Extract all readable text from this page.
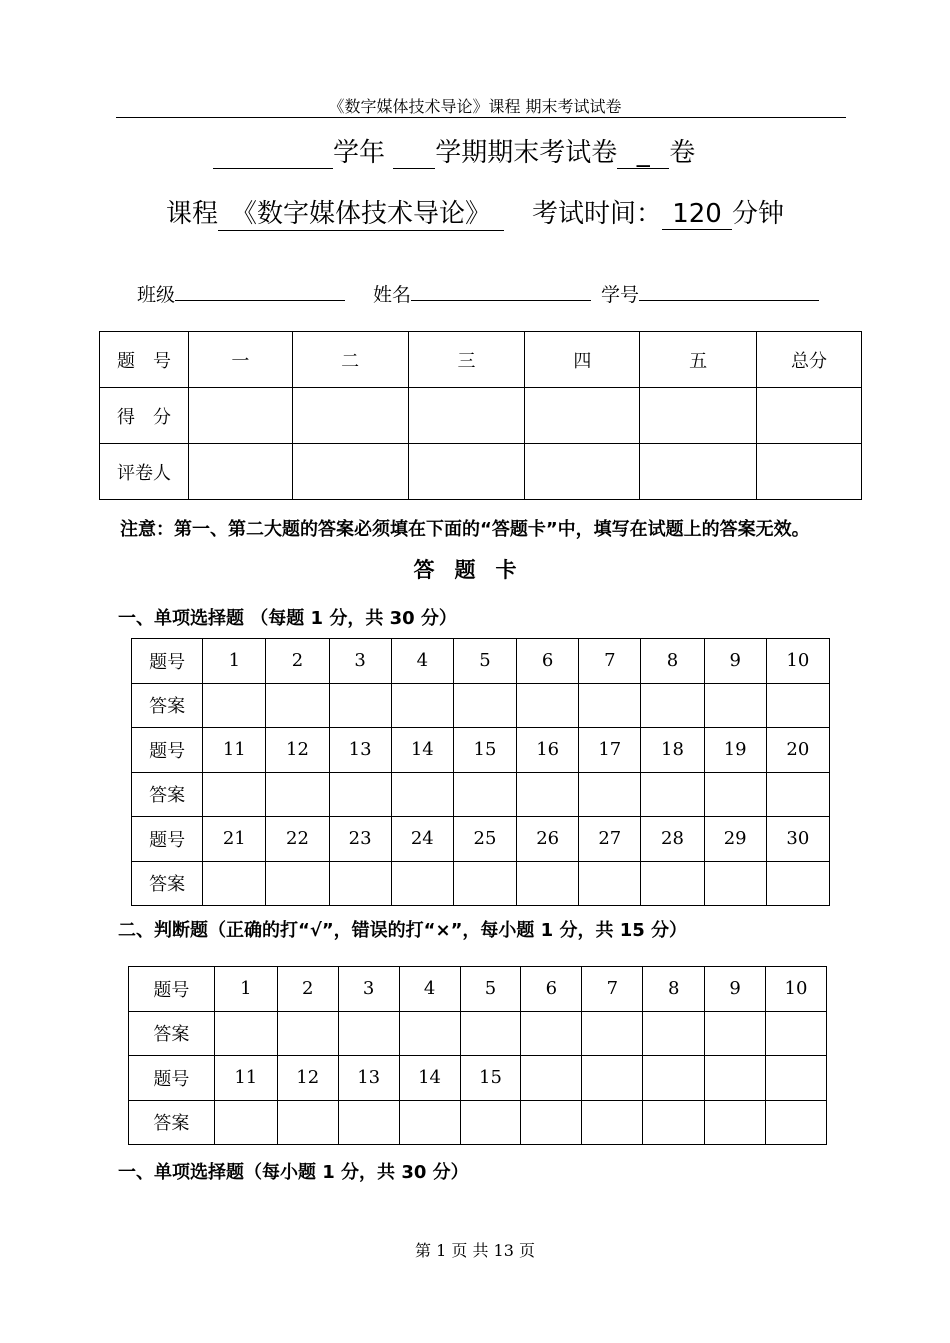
《数字媒体技术导论》课程 期末考试试卷
学年 学期期末考试卷 _ 卷
课程 《数字媒体技术导论》 考试时间： 120 分钟
班级	姓名	学号
题　号	一	二	三	四	五	总分
得　分						
评卷人						
注意：第一、第二大题的答案必须填在下面的“答题卡”中，填写在试题上的答案无效。
答题卡
一、单项选择题 （每题 1 分，共 30 分）
题号	1	2	3	4	5	6	7	8	9	10
答案										
题号	11	12	13	14	15	16	17	18	19	20
答案										
题号	21	22	23	24	25	26	27	28	29	30
答案										
二、判断题（正确的打“√”，错误的打“×”，每小题 1 分，共 15 分）
题号	1	2	3	4	5	6	7	8	9	10
答案										
题号	11	12	13	14	15					
答案										
一、单项选择题（每小题 1 分，共 30 分）
第 1 页 共 13 页
